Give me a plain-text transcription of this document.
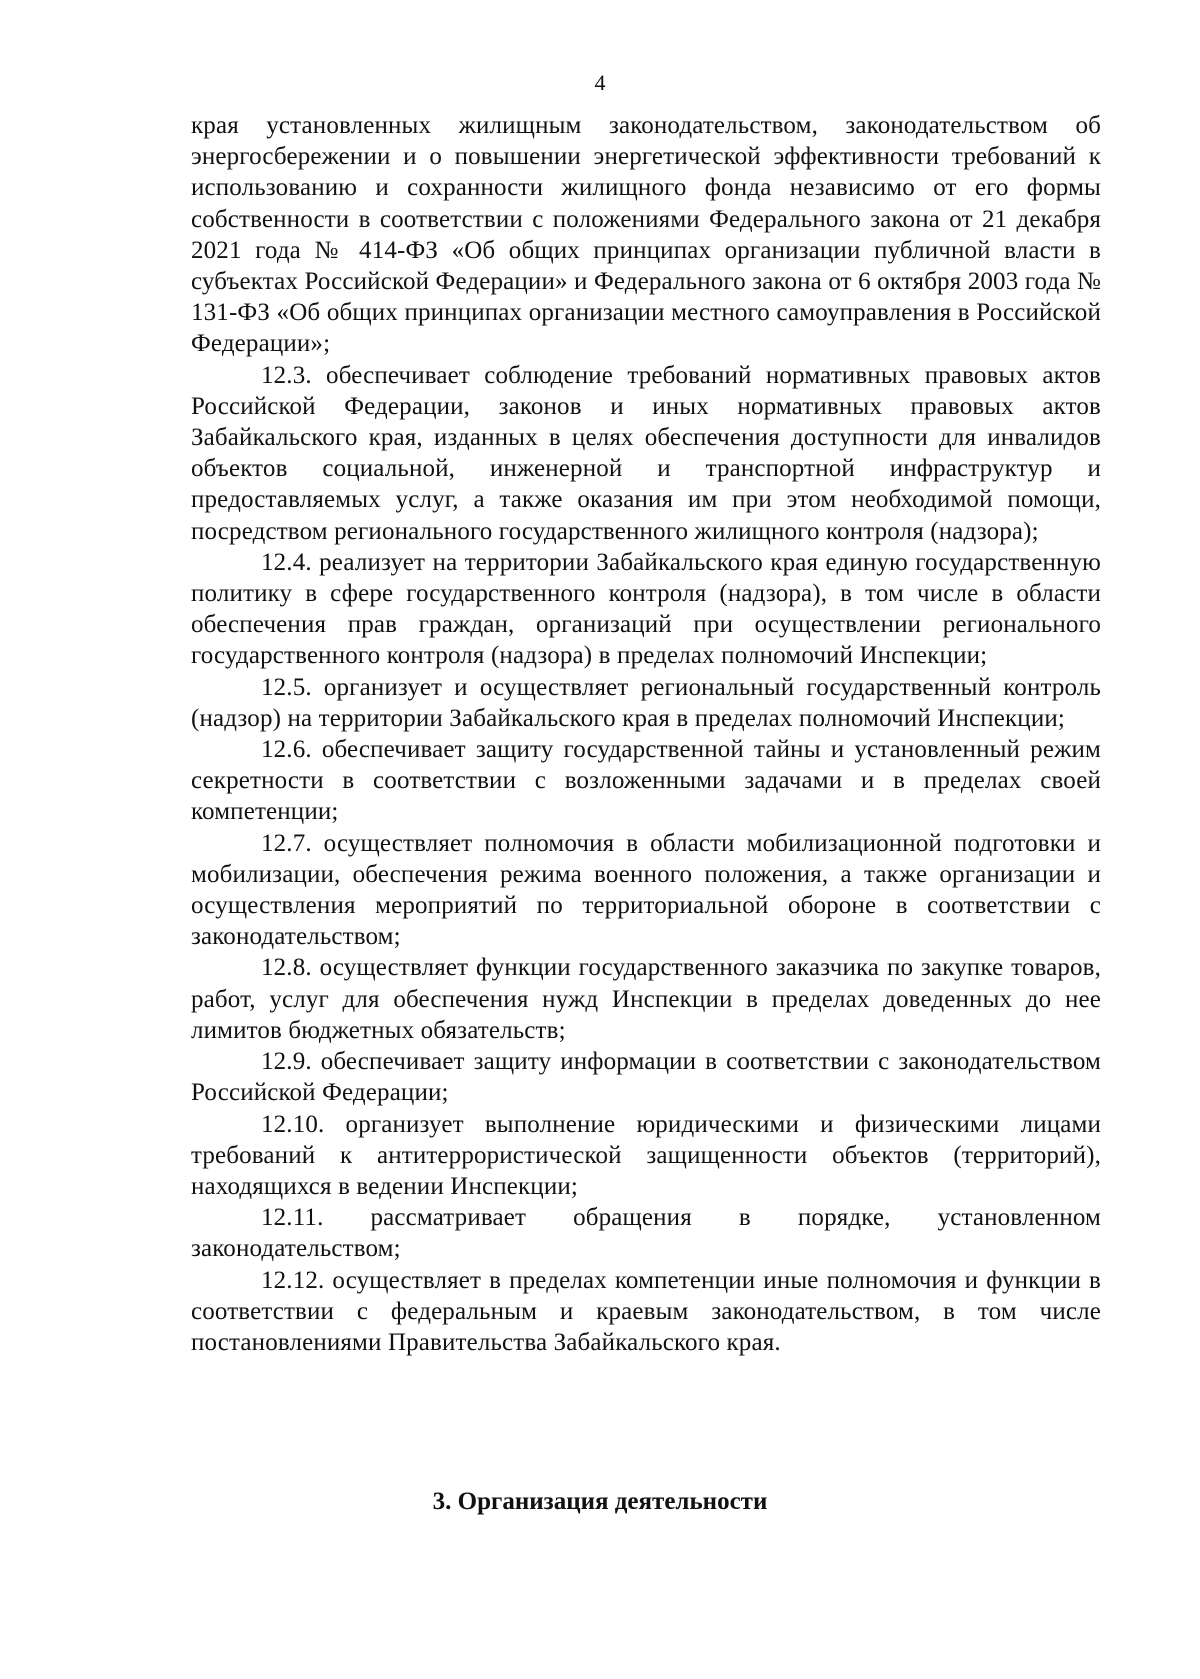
4

края установленных жилищным законодательством, законодательством об энергосбережении и о повышении энергетической эффективности требований к использованию и сохранности жилищного фонда независимо от его формы собственности в соответствии с положениями Федерального закона от 21 декабря 2021 года № 414-ФЗ «Об общих принципах организации публичной власти в субъектах Российской Федерации» и Федерального закона от 6 октября 2003 года № 131-ФЗ «Об общих принципах организации местного самоуправления в Российской Федерации»;

12.3. обеспечивает соблюдение требований нормативных правовых актов Российской Федерации, законов и иных нормативных правовых актов Забайкальского края, изданных в целях обеспечения доступности для инвалидов объектов социальной, инженерной и транспортной инфраструктур и предоставляемых услуг, а также оказания им при этом необходимой помощи, посредством регионального государственного жилищного контроля (надзора);

12.4. реализует на территории Забайкальского края единую государственную политику в сфере государственного контроля (надзора), в том числе в области обеспечения прав граждан, организаций при осуществлении регионального государственного контроля (надзора) в пределах полномочий Инспекции;

12.5. организует и осуществляет региональный государственный контроль (надзор) на территории Забайкальского края в пределах полномочий Инспекции;

12.6. обеспечивает защиту государственной тайны и установленный режим секретности в соответствии с возложенными задачами и в пределах своей компетенции;

12.7. осуществляет полномочия в области мобилизационной подготовки и мобилизации, обеспечения режима военного положения, а также организации и осуществления мероприятий по территориальной обороне в соответствии с законодательством;

12.8. осуществляет функции государственного заказчика по закупке товаров, работ, услуг для обеспечения нужд Инспекции в пределах доведенных до нее лимитов бюджетных обязательств;

12.9. обеспечивает защиту информации в соответствии с законодательством Российской Федерации;

12.10. организует выполнение юридическими и физическими лицами требований к антитеррористической защищенности объектов (территорий), находящихся в ведении Инспекции;

12.11. рассматривает обращения в порядке, установленном законодательством;

12.12. осуществляет в пределах компетенции иные полномочия и функции в соответствии с федеральным и краевым законодательством, в том числе постановлениями Правительства Забайкальского края.

3. Организация деятельности
